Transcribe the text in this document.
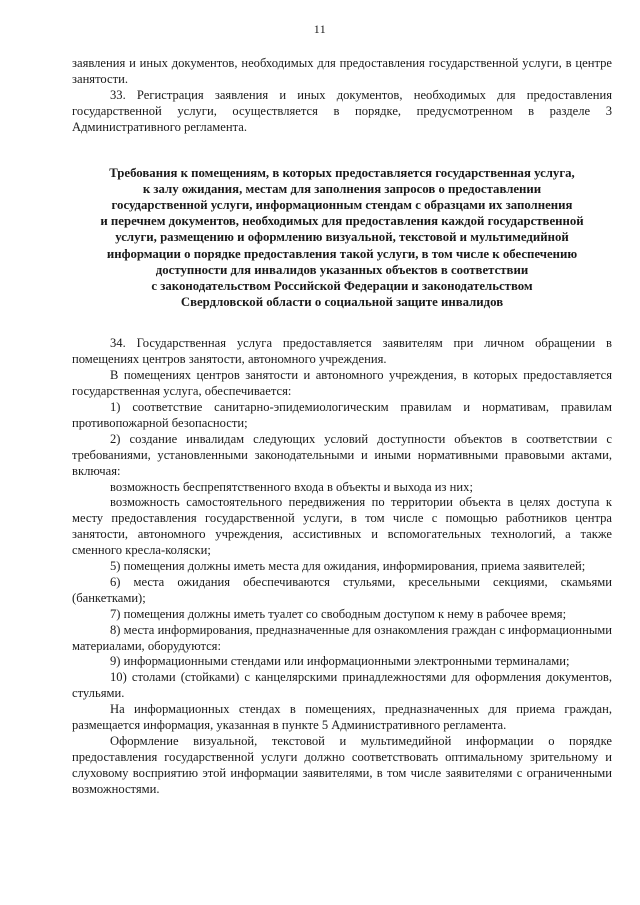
11

заявления и иных документов, необходимых для предоставления государственной услуги, в центре занятости.

33. Регистрация заявления и иных документов, необходимых для предоставления государственной услуги, осуществляется в порядке, предусмотренном в разделе 3 Административного регламента.

Требования к помещениям, в которых предоставляется государственная услуга,
к залу ожидания, местам для заполнения запросов о предоставлении
государственной услуги, информационным стендам с образцами их заполнения
и перечнем документов, необходимых для предоставления каждой государственной
услуги, размещению и оформлению визуальной, текстовой и мультимедийной
информации о порядке предоставления такой услуги, в том числе к обеспечению
доступности для инвалидов указанных объектов в соответствии
с законодательством Российской Федерации и законодательством
Свердловской области о социальной защите инвалидов

34. Государственная услуга предоставляется заявителям при личном обращении в помещениях центров занятости, автономного учреждения.

В помещениях центров занятости и автономного учреждения, в которых предоставляется государственная услуга, обеспечивается:

1) соответствие санитарно-эпидемиологическим правилам и нормативам, правилам противопожарной безопасности;

2) создание инвалидам следующих условий доступности объектов в соответствии с требованиями, установленными законодательными и иными нормативными правовыми актами, включая:

возможность беспрепятственного входа в объекты и выхода из них;

возможность самостоятельного передвижения по территории объекта в целях доступа к месту предоставления государственной услуги, в том числе с помощью работников центра занятости, автономного учреждения, ассистивных и вспомогательных технологий, а также сменного кресла-коляски;

5) помещения должны иметь места для ожидания, информирования, приема заявителей;

6) места ожидания обеспечиваются стульями, кресельными секциями, скамьями (банкетками);

7) помещения должны иметь туалет со свободным доступом к нему в рабочее время;

8) места информирования, предназначенные для ознакомления граждан с информационными материалами, оборудуются:

9) информационными стендами или информационными электронными терминалами;

10) столами (стойками) с канцелярскими принадлежностями для оформления документов, стульями.

На информационных стендах в помещениях, предназначенных для приема граждан, размещается информация, указанная в пункте 5 Административного регламента.

Оформление визуальной, текстовой и мультимедийной информации о порядке предоставления государственной услуги должно соответствовать оптимальному зрительному и слуховому восприятию этой информации заявителями, в том числе заявителями с ограниченными возможностями.
